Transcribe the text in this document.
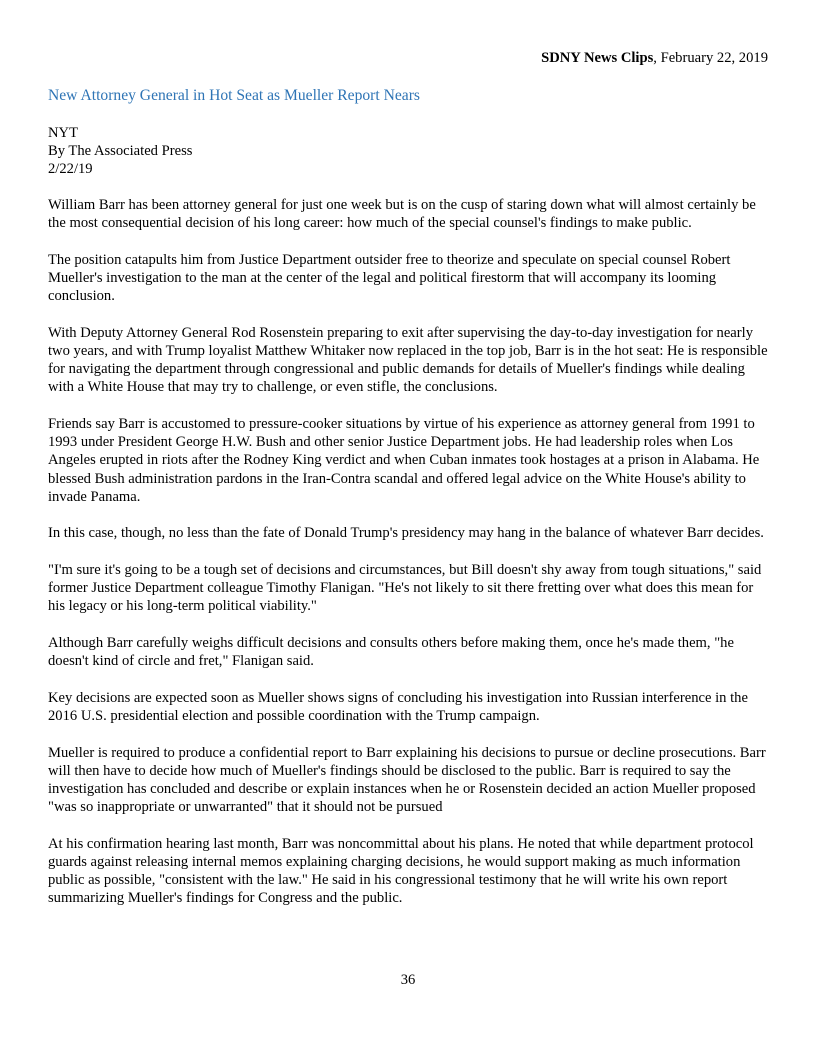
SDNY News Clips, February 22, 2019
New Attorney General in Hot Seat as Mueller Report Nears
NYT
By The Associated Press
2/22/19

William Barr has been attorney general for just one week but is on the cusp of staring down what will almost certainly be the most consequential decision of his long career: how much of the special counsel's findings to make public.

The position catapults him from Justice Department outsider free to theorize and speculate on special counsel Robert Mueller's investigation to the man at the center of the legal and political firestorm that will accompany its looming conclusion.

With Deputy Attorney General Rod Rosenstein preparing to exit after supervising the day-to-day investigation for nearly two years, and with Trump loyalist Matthew Whitaker now replaced in the top job, Barr is in the hot seat: He is responsible for navigating the department through congressional and public demands for details of Mueller's findings while dealing with a White House that may try to challenge, or even stifle, the conclusions.

Friends say Barr is accustomed to pressure-cooker situations by virtue of his experience as attorney general from 1991 to 1993 under President George H.W. Bush and other senior Justice Department jobs. He had leadership roles when Los Angeles erupted in riots after the Rodney King verdict and when Cuban inmates took hostages at a prison in Alabama. He blessed Bush administration pardons in the Iran-Contra scandal and offered legal advice on the White House's ability to invade Panama.

In this case, though, no less than the fate of Donald Trump's presidency may hang in the balance of whatever Barr decides.

"I'm sure it's going to be a tough set of decisions and circumstances, but Bill doesn't shy away from tough situations," said former Justice Department colleague Timothy Flanigan. "He's not likely to sit there fretting over what does this mean for his legacy or his long-term political viability."

Although Barr carefully weighs difficult decisions and consults others before making them, once he's made them, "he doesn't kind of circle and fret," Flanigan said.

Key decisions are expected soon as Mueller shows signs of concluding his investigation into Russian interference in the 2016 U.S. presidential election and possible coordination with the Trump campaign.

Mueller is required to produce a confidential report to Barr explaining his decisions to pursue or decline prosecutions. Barr will then have to decide how much of Mueller's findings should be disclosed to the public. Barr is required to say the investigation has concluded and describe or explain instances when he or Rosenstein decided an action Mueller proposed "was so inappropriate or unwarranted" that it should not be pursued

At his confirmation hearing last month, Barr was noncommittal about his plans. He noted that while department protocol guards against releasing internal memos explaining charging decisions, he would support making as much information public as possible, "consistent with the law." He said in his congressional testimony that he will write his own report summarizing Mueller's findings for Congress and the public.

36
